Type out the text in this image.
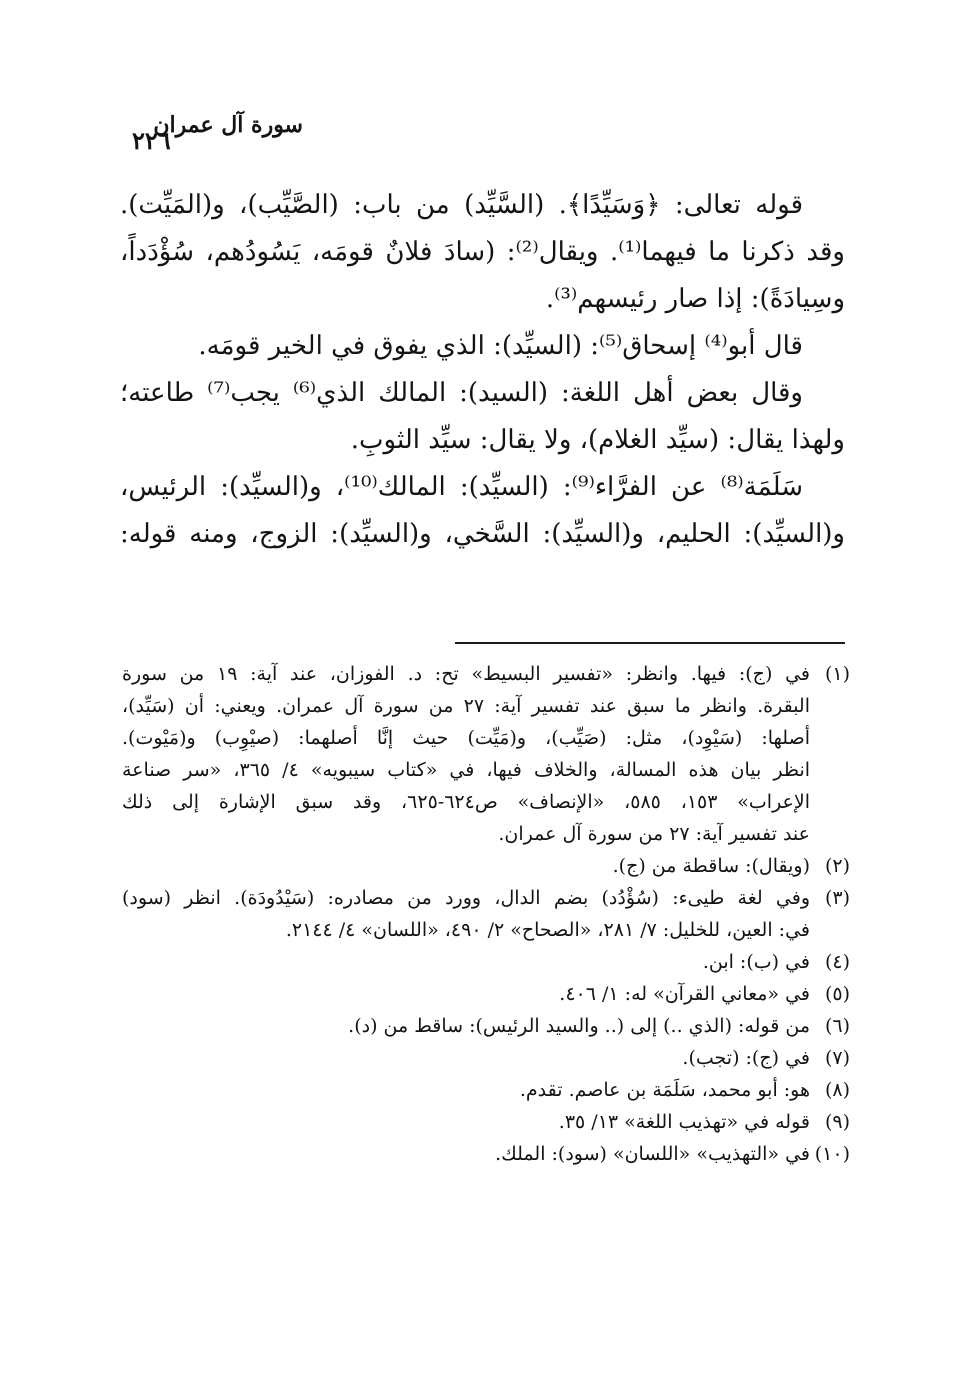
سورة آل عمران
٢٢٦
قوله تعالى: ﴿وَسَيِّدًا﴾. (السَّيِّد) من باب: (الصَّيِّب)، و(المَيِّت).
وقد ذكرنا ما فيهما⁽¹⁾. ويقال⁽²⁾: (سادَ فلانٌ قومَه، يَسُودُهم، سُؤْدَداً،
وسِيادَةً): إذا صار رئيسهم⁽³⁾.
قال أبو⁽⁴⁾ إسحاق⁽⁵⁾: (السيِّد): الذي يفوق في الخير قومَه.
وقال بعض أهل اللغة: (السيد): المالك الذي⁽⁶⁾ يجب⁽⁷⁾ طاعته؛
ولهذا يقال: (سيِّد الغلام)، ولا يقال: سيِّد الثوبِ.
سَلَمَة⁽⁸⁾ عن الفرَّاء⁽⁹⁾: (السيِّد): المالك⁽¹⁰⁾، و(السيِّد): الرئيس،
و(السيِّد): الحليم، و(السيِّد): السَّخي، و(السيِّد): الزوج، ومنه قوله:
(١)
في (ج): فيها. وانظر: «تفسير البسيط» تح: د. الفوزان، عند آية: ١٩ من سورة
البقرة. وانظر ما سبق عند تفسير آية: ٢٧ من سورة آل عمران. ويعني: أن (سَيِّد)،
أصلها: (سَيْوِد)، مثل: (صَيِّب)، و(مَيِّت) حيث إنَّا أصلهما: (صيْوِب) و(مَيْوت).
انظر بيان هذه المسالة، والخلاف فيها، في «كتاب سيبويه» ٤/ ٣٦٥، «سر صناعة
الإعراب» ١٥٣، ٥٨٥، «الإنصاف» ص٦٢٤-٦٢٥، وقد سبق الإشارة إلى ذلك
عند تفسير آية: ٢٧ من سورة آل عمران.
(٢)
(ويقال): ساقطة من (ج).
(٣)
وفي لغة طيىء: (سُؤْدُد) بضم الدال، وورد من مصادره: (سَيْدُودَة). انظر (سود)
في: العين، للخليل: ٧/ ٢٨١، «الصحاح» ٢/ ٤٩٠، «اللسان» ٤/ ٢١٤٤.
(٤)
في (ب): ابن.
(٥)
في «معاني القرآن» له: ١/ ٤٠٦.
(٦)
من قوله: (الذي ..) إلى (.. والسيد الرئيس): ساقط من (د).
(٧)
في (ج): (تجب).
(٨)
هو: أبو محمد، سَلَمَة بن عاصم. تقدم.
(٩)
قوله في «تهذيب اللغة» ١٣/ ٣٥.
(١٠)
في «التهذيب» «اللسان» (سود): الملك.
